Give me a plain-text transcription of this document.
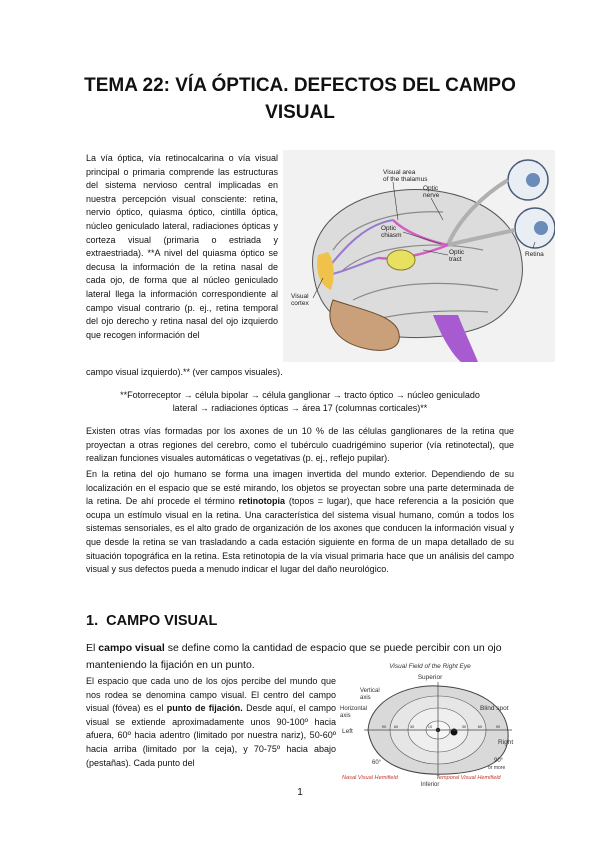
TEMA 22: VÍA ÓPTICA. DEFECTOS DEL CAMPO VISUAL

La vía óptica, vía retinocalcarina o vía visual principal o primaria comprende las estructuras del sistema nervioso central implicadas en nuestra percepción visual consciente: retina, nervio óptico, quiasma óptico, cintilla óptica, núcleo geniculado lateral, radiaciones ópticas y corteza visual (primaria o estriada y extraestriada). **A nivel del quiasma óptico se decusa la información de la retina nasal de cada ojo, de forma que al núcleo geniculado lateral llega la información correspondiente al campo visual contrario (p. ej., retina temporal del ojo derecho y retina nasal del ojo izquierdo que recogen información del

campo visual izquierdo).** (ver campos visuales).

Visual area
of the thalamus
Optic
nerve
Optic
chiasm
Optic
tract
Retina
Visual
cortex

**Fotorreceptor → célula bipolar → célula ganglionar → tracto óptico → núcleo geniculado
lateral → radiaciones ópticas → área 17 (columnas corticales)**

Existen otras vías formadas por los axones de un 10 % de las células ganglionares de la retina que proyectan a otras regiones del cerebro, como el tubérculo cuadrigémino superior (vía retinotectal), que realizan funciones visuales automáticas o vegetativas (p. ej., reflejo pupilar).

En la retina del ojo humano se forma una imagen invertida del mundo exterior. Dependiendo de su localización en el espacio que se esté mirando, los objetos se proyectan sobre una parte determinada de la retina. De ahí procede el término retinotopia (topos = lugar), que hace referencia a la posición que ocupa un estímulo visual en la retina. Una característica del sistema visual humano, común a todos los sistemas sensoriales, es el alto grado de organización de los axones que conducen la información visual y que desde la retina se van trasladando a cada estación siguiente en forma de un mapa detallado de su situación topográfica en la retina. Esta retinotopia de la vía visual primaria hace que un análisis del campo visual y sus defectos pueda a menudo indicar el lugar del daño neurológico.

1. CAMPO VISUAL

El campo visual se define como la cantidad de espacio que se puede percibir con un ojo manteniendo la fijación en un punto.

El espacio que cada uno de los ojos percibe del mundo que nos rodea se denomina campo visual. El centro del campo visual (fóvea) es el punto de fijación. Desde aquí, el campo visual se extiende aproximadamente unos 90-100º hacia afuera, 60º hacia adentro (limitado por nuestra nariz), 50-60º hacia arriba (limitado por la ceja), y 70-75º hacia abajo (pestañas). Cada punto del

Visual Field of the Right Eye
Superior
90 60	30	10	30	60	90
Vertical
axis
Horizontal
axis
Left
Right
Blind spot
60°	90°
or more
Nasal Visual Hemifield	Temporal Visual Hemifield
Inferior
1
